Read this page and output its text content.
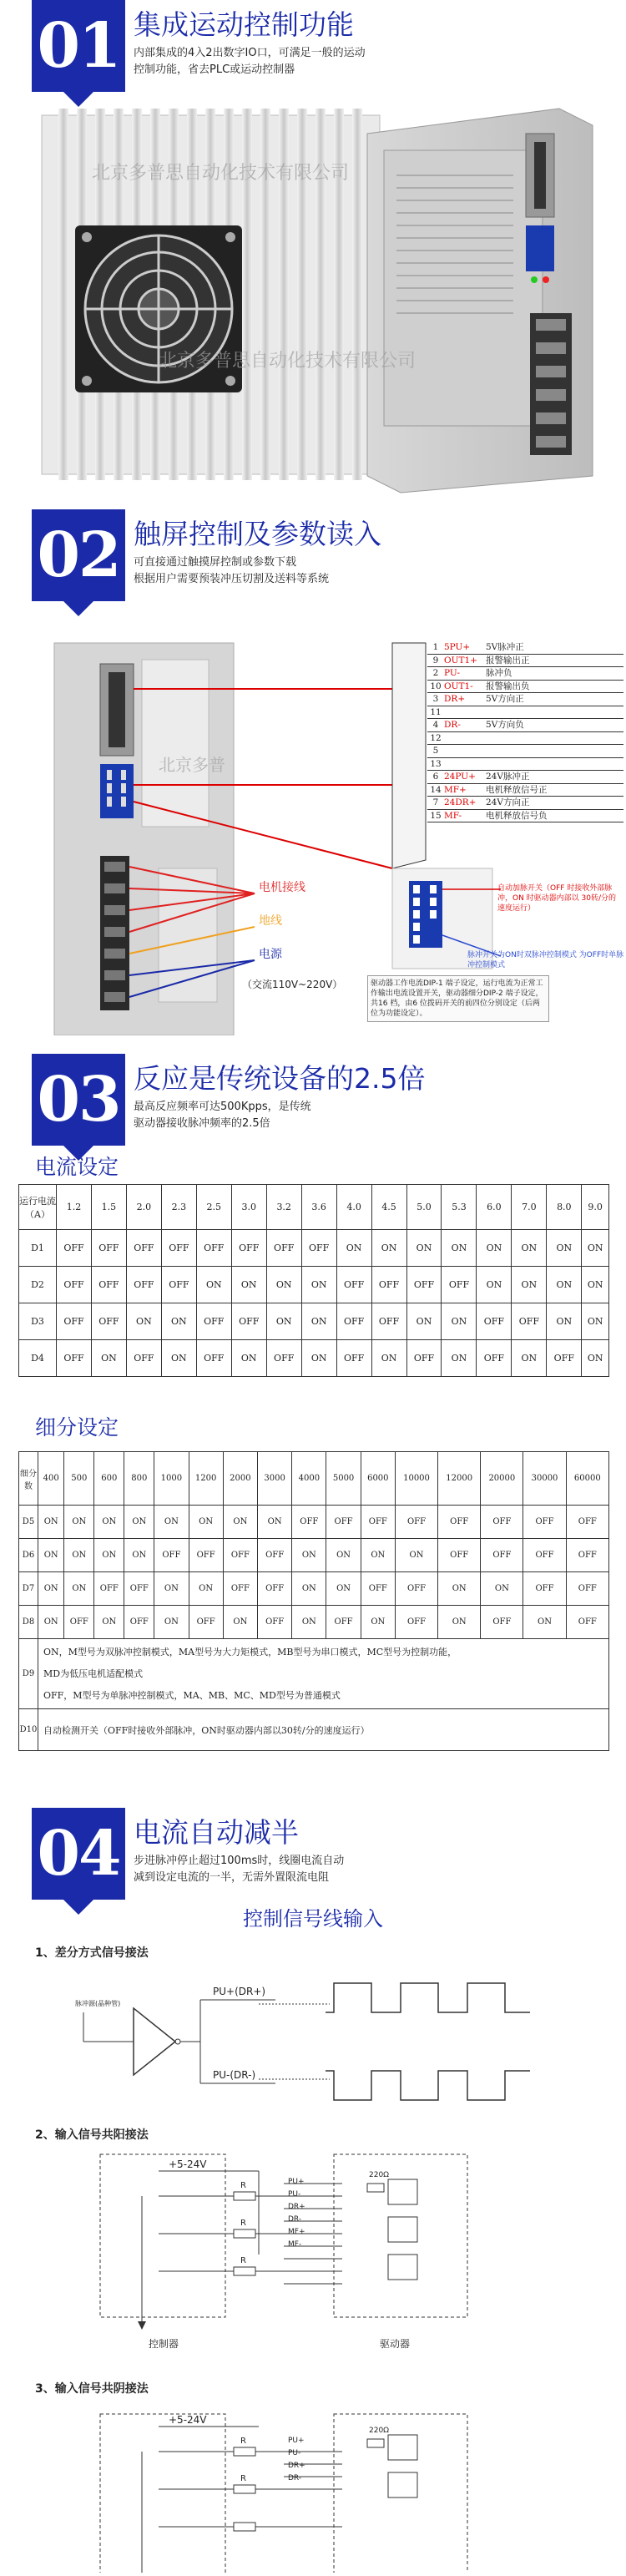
01 集成运动控制功能
内部集成的4入2出数字IO口，可满足一般的运动
控制功能，省去PLC或运动控制器
北京多普思自动化技术有限公司
北京多普思自动化技术有限公司
02 触屏控制及参数读入
可直接通过触摸屏控制或参数下载
根据用户需要预装冲压切割及送料等系统
北京多普
1 5PU+	5V脉冲正
9 OUT1+ 报警输出正
2 PU-	脉冲负
10 OUT1-	报警输出负
3 DR+	5V方向正
11
4 DR-	5V方向负
12
5
13
6 24PU+	24V脉冲正
14 MF+	电机释放信号正
7 24DR+	24V方向正
15 MF-	电机释放信号负
电机接线
地线
电源
（交流110V~220V）
自动加脉开关（OFF 时接收外部脉冲，ON 时驱动器内部以 30转/分的速度运行）
脉冲开关为ON时双脉冲控制模式 为OFF时单脉冲控制模式
驱动器工作电流DIP-1 端子设定，运行电流为正常工作输出电流设置开关，驱动器细分DIP-2 端子设定，共16 档，由6 位拨码开关的前四位分别设定（后两位为功能设定）。
03 反应是传统设备的2.5倍
最高反应频率可达500Kpps，是传统
驱动器接收脉冲频率的2.5倍
电流设定
运行电流（A）	1.2	1.5	2.0	2.3	2.5	3.0	3.2	3.6	4.0	4.5	5.0	5.3	6.0	7.0	8.0	9.0
D1	OFF	OFF	OFF	OFF	OFF	OFF	OFF	OFF	ON	ON	ON	ON	ON	ON	ON	ON
D2	OFF	OFF	OFF	OFF	ON	ON	ON	ON	OFF	OFF	OFF	OFF	ON	ON	ON	ON
D3	OFF	OFF	ON	ON	OFF	OFF	ON	ON	OFF	OFF	ON	ON	OFF	OFF	ON	ON
D4	OFF	ON	OFF	ON	OFF	ON	OFF	ON	OFF	ON	OFF	ON	OFF	ON	OFF	ON
细分设定
细分数	400	500	600	800	1000	1200	2000	3000	4000	5000	6000	10000	12000	20000	30000	60000
D5	ON	ON	ON	ON	ON	ON	ON	ON	OFF	OFF	OFF	OFF	OFF	OFF	OFF	OFF
D6	ON	ON	ON	ON	OFF	OFF	OFF	OFF	ON	ON	ON	ON	OFF	OFF	OFF	OFF
D7	ON	ON	OFF	OFF	ON	ON	OFF	OFF	ON	ON	OFF	OFF	ON	ON	OFF	OFF
D8	ON	OFF	ON	OFF	ON	OFF	ON	OFF	ON	OFF	ON	OFF	ON	OFF	ON	OFF
D9	ON，M型号为双脉冲控制模式，MA型号为大力矩模式，MB型号为串口模式，MC型号为控制功能，
MD为低压电机适配模式
OFF，M型号为单脉冲控制模式，MA、MB、MC、MD型号为普通模式															

D10	自动检测开关（OFF时接收外部脉冲，ON时驱动器内部以30转/分的速度运行）															
04 电流自动减半
步进脉冲停止超过100ms时，线圈电流自动
减到设定电流的一半，无需外置限流电阻
控制信号线输入
1、差分方式信号接法
脉冲源(晶种管)
PU+(DR+)
PU-(DR-)
2、输入信号共阳接法
+5-24V
R
R
R
220Ω
PU+
PU-
DR+
DR-
MF+
MF-
控制器	驱动器
3、输入信号共阴接法
+5-24V
R
R
220Ω
PU+
PU-
DR+
DR-
